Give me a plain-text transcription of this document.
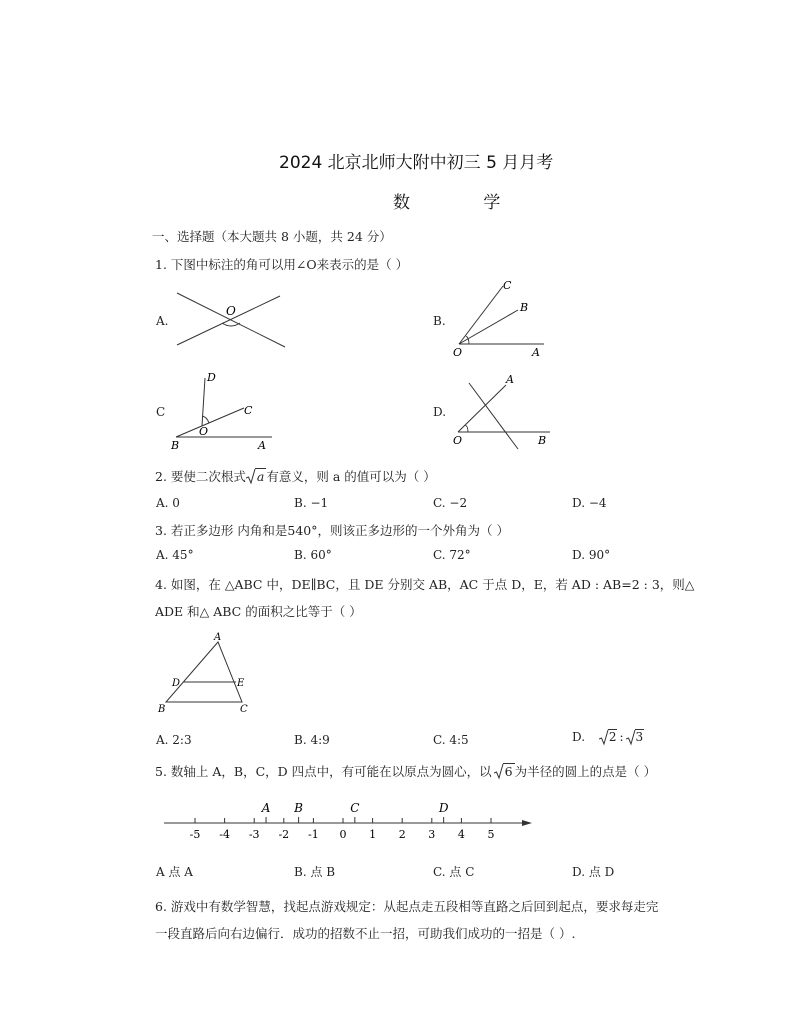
2024 北京北师大附中初三 5 月月考
数 学
一、选择题（本大题共 8 小题，共 24 分）
1. 下图中标注的角可以用∠O来表示的是（ ）
A.	B.
C	D.
O
O	A
B
C
B
O
A
C
D
O
A
B
2. 要使二次根式 a 有意义，则 a 的值可以为（ ）
A. 0	B. −1	C. −2	D. −4
3. 若正多边形 内角和是540°，则该正多边形的一个外角为（ ）
A. 45°	B. 60°	C. 72°	D. 90°
4. 如图，在 △ABC 中，DE∥BC，且 DE 分别交 AB，AC 于点 D，E，若 AD : AB=2 : 3，则△
ADE 和△ ABC 的面积之比等于（ ）
A
B	C
D	E
A. 2:3	B. 4:9	C. 4:5	D. 2 : 3
5. 数轴上 A，B，C，D 四点中，有可能在以原点为圆心，以 6 为半径的圆上的点是（ ）
-5 -4 -3 -2 -1 0 1 2 3 4 5
A B	C	D
A 点 A	B. 点 B	C. 点 C	D. 点 D
6. 游戏中有数学智慧，找起点游戏规定：从起点走五段相等直路之后回到起点，要求每走完
一段直路后向右边偏行．成功的招数不止一招，可助我们成功的一招是（ ）.
